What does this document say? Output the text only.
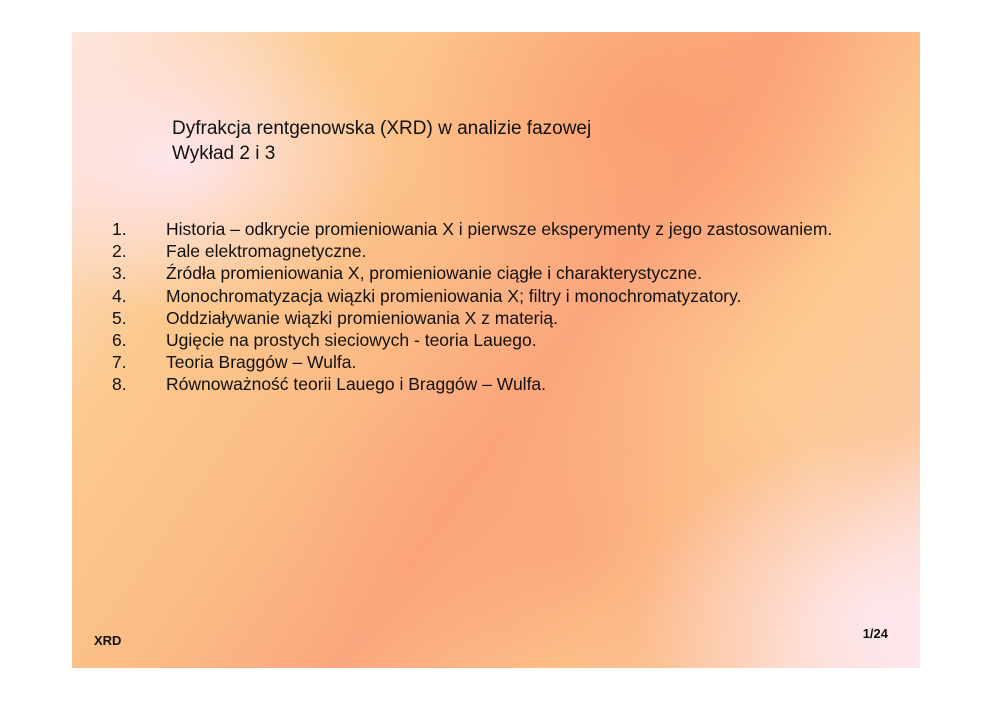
Dyfrakcja rentgenowska (XRD) w analizie fazowej
Wykład 2 i 3
1.	Historia – odkrycie promieniowania X i pierwsze eksperymenty z jego zastosowaniem.
2.	Fale elektromagnetyczne.
3.	Źródła promieniowania X, promieniowanie ciągłe i charakterystyczne.
4.	Monochromatyzacja wiązki promieniowania X; filtry i monochromatyzatory.
5.	Oddziaływanie wiązki promieniowania X z materią.
6.	Ugięcie na prostych sieciowych - teoria Lauego.
7.	Teoria Braggów – Wulfa.
8.	Równoważność teorii Lauego i Braggów – Wulfa.
XRD	1/24
